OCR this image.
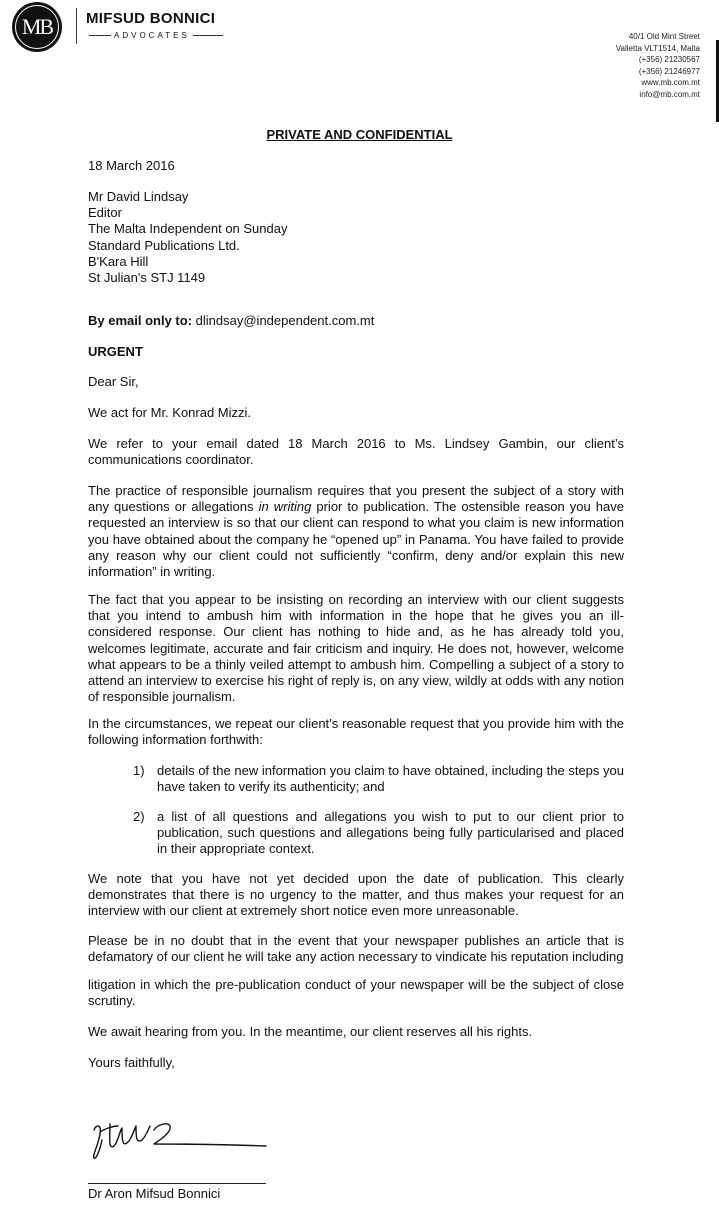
MB MIFSUD BONNICI
ADVOCATES	40/1 Old Mint Street
Valletta VLT1514, Malta
(+356) 21230567
(+356) 21246977
www.mb.com.mt
info@mb.com.mt
PRIVATE AND CONFIDENTIAL
18 March 2016
Mr David Lindsay
Editor
The Malta Independent on Sunday
Standard Publications Ltd.
B'Kara Hill
St Julian's STJ 1149
By email only to: dlindsay@independent.com.mt
URGENT
Dear Sir,
We act for Mr. Konrad Mizzi.
We refer to your email dated 18 March 2016 to Ms. Lindsey Gambin, our client’s communications coordinator.
The practice of responsible journalism requires that you present the subject of a story with any questions or allegations in writing prior to publication. The ostensible reason you have requested an interview is so that our client can respond to what you claim is new information you have obtained about the company he “opened up” in Panama. You have failed to provide any reason why our client could not sufficiently “confirm, deny and/or explain this new information” in writing.
The fact that you appear to be insisting on recording an interview with our client suggests that you intend to ambush him with information in the hope that he gives you an ill-considered response. Our client has nothing to hide and, as he has already told you, welcomes legitimate, accurate and fair criticism and inquiry. He does not, however, welcome what appears to be a thinly veiled attempt to ambush him. Compelling a subject of a story to attend an interview to exercise his right of reply is, on any view, wildly at odds with any notion of responsible journalism.
In the circumstances, we repeat our client’s reasonable request that you provide him with the following information forthwith:
1) details of the new information you claim to have obtained, including the steps you have taken to verify its authenticity; and
2) a list of all questions and allegations you wish to put to our client prior to publication, such questions and allegations being fully particularised and placed in their appropriate context.
We note that you have not yet decided upon the date of publication. This clearly demonstrates that there is no urgency to the matter, and thus makes your request for an interview with our client at extremely short notice even more unreasonable.
Please be in no doubt that in the event that your newspaper publishes an article that is defamatory of our client he will take any action necessary to vindicate his reputation including
litigation in which the pre-publication conduct of your newspaper will be the subject of close scrutiny.
We await hearing from you. In the meantime, our client reserves all his rights.
Yours faithfully,
Dr Aron Mifsud Bonnici
